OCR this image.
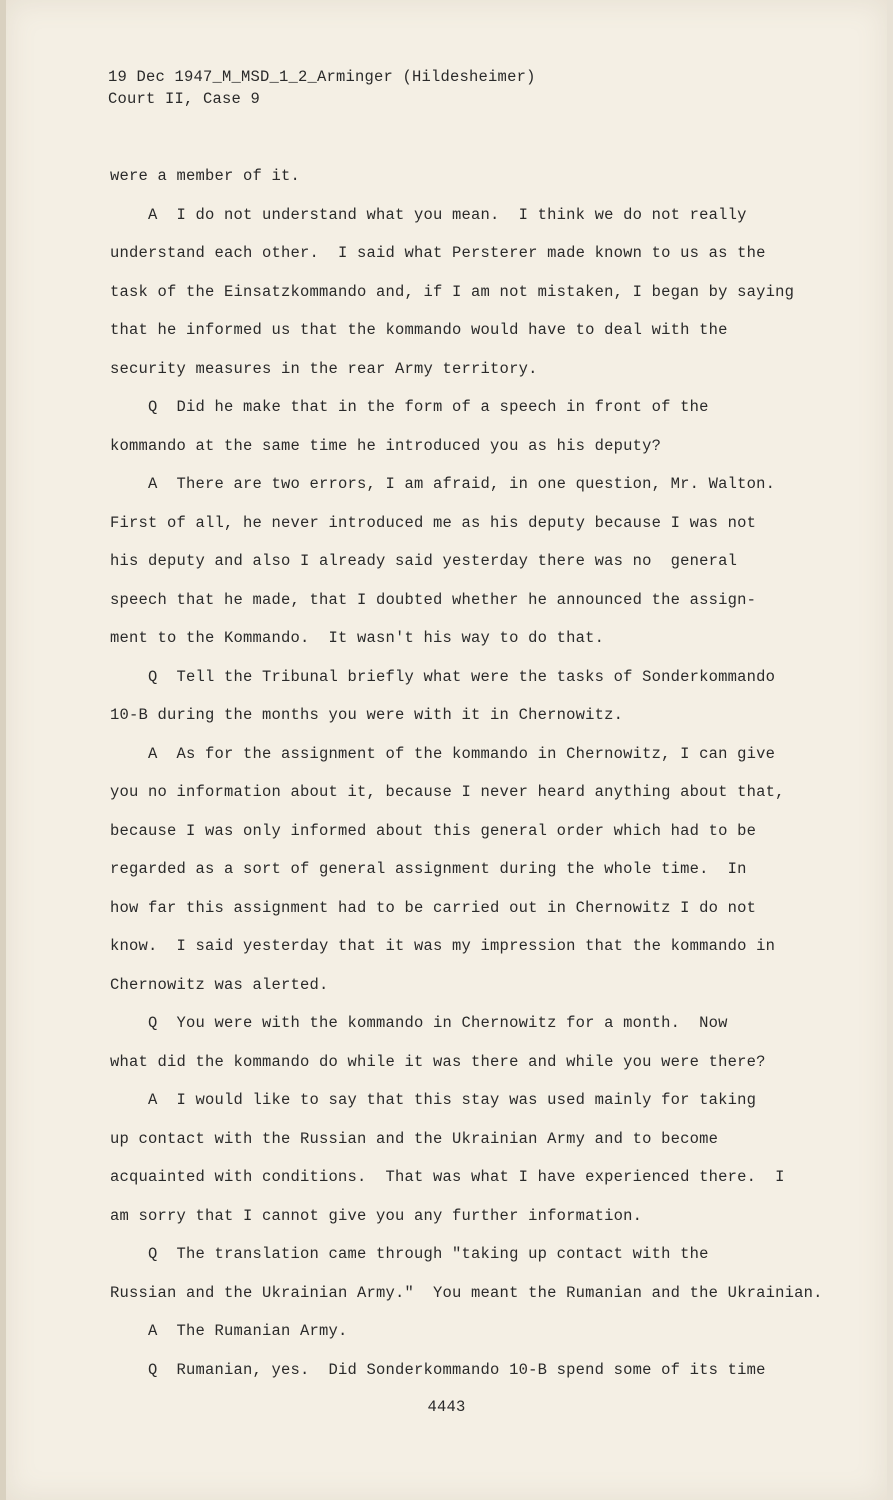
19 Dec 1947_M_MSD_1_2_Arminger (Hildesheimer)
Court II, Case 9
were a member of it.
A  I do not understand what you mean.  I think we do not really
understand each other.  I said what Persterer made known to us as the
task of the Einsatzkommando and, if I am not mistaken, I began by saying
that he informed us that the kommando would have to deal with the
security measures in the rear Army territory.
Q  Did he make that in the form of a speech in front of the
kommando at the same time he introduced you as his deputy?
A  There are two errors, I am afraid, in one question, Mr. Walton.
First of all, he never introduced me as his deputy because I was not
his deputy and also I already said yesterday there was no  general
speech that he made, that I doubted whether he announced the assign-
ment to the Kommando.  It wasn't his way to do that.
Q  Tell the Tribunal briefly what were the tasks of Sonderkommando
10-B during the months you were with it in Chernowitz.
A  As for the assignment of the kommando in Chernowitz, I can give
you no information about it, because I never heard anything about that,
because I was only informed about this general order which had to be
regarded as a sort of general assignment during the whole time.  In
how far this assignment had to be carried out in Chernowitz I do not
know.  I said yesterday that it was my impression that the kommando in
Chernowitz was alerted.
Q  You were with the kommando in Chernowitz for a month.  Now
what did the kommando do while it was there and while you were there?
A  I would like to say that this stay was used mainly for taking
up contact with the Russian and the Ukrainian Army and to become
acquainted with conditions.  That was what I have experienced there.  I
am sorry that I cannot give you any further information.
Q  The translation came through "taking up contact with the
Russian and the Ukrainian Army."  You meant the Rumanian and the Ukrainian.
A  The Rumanian Army.
Q  Rumanian, yes.  Did Sonderkommando 10-B spend some of its time
4443
